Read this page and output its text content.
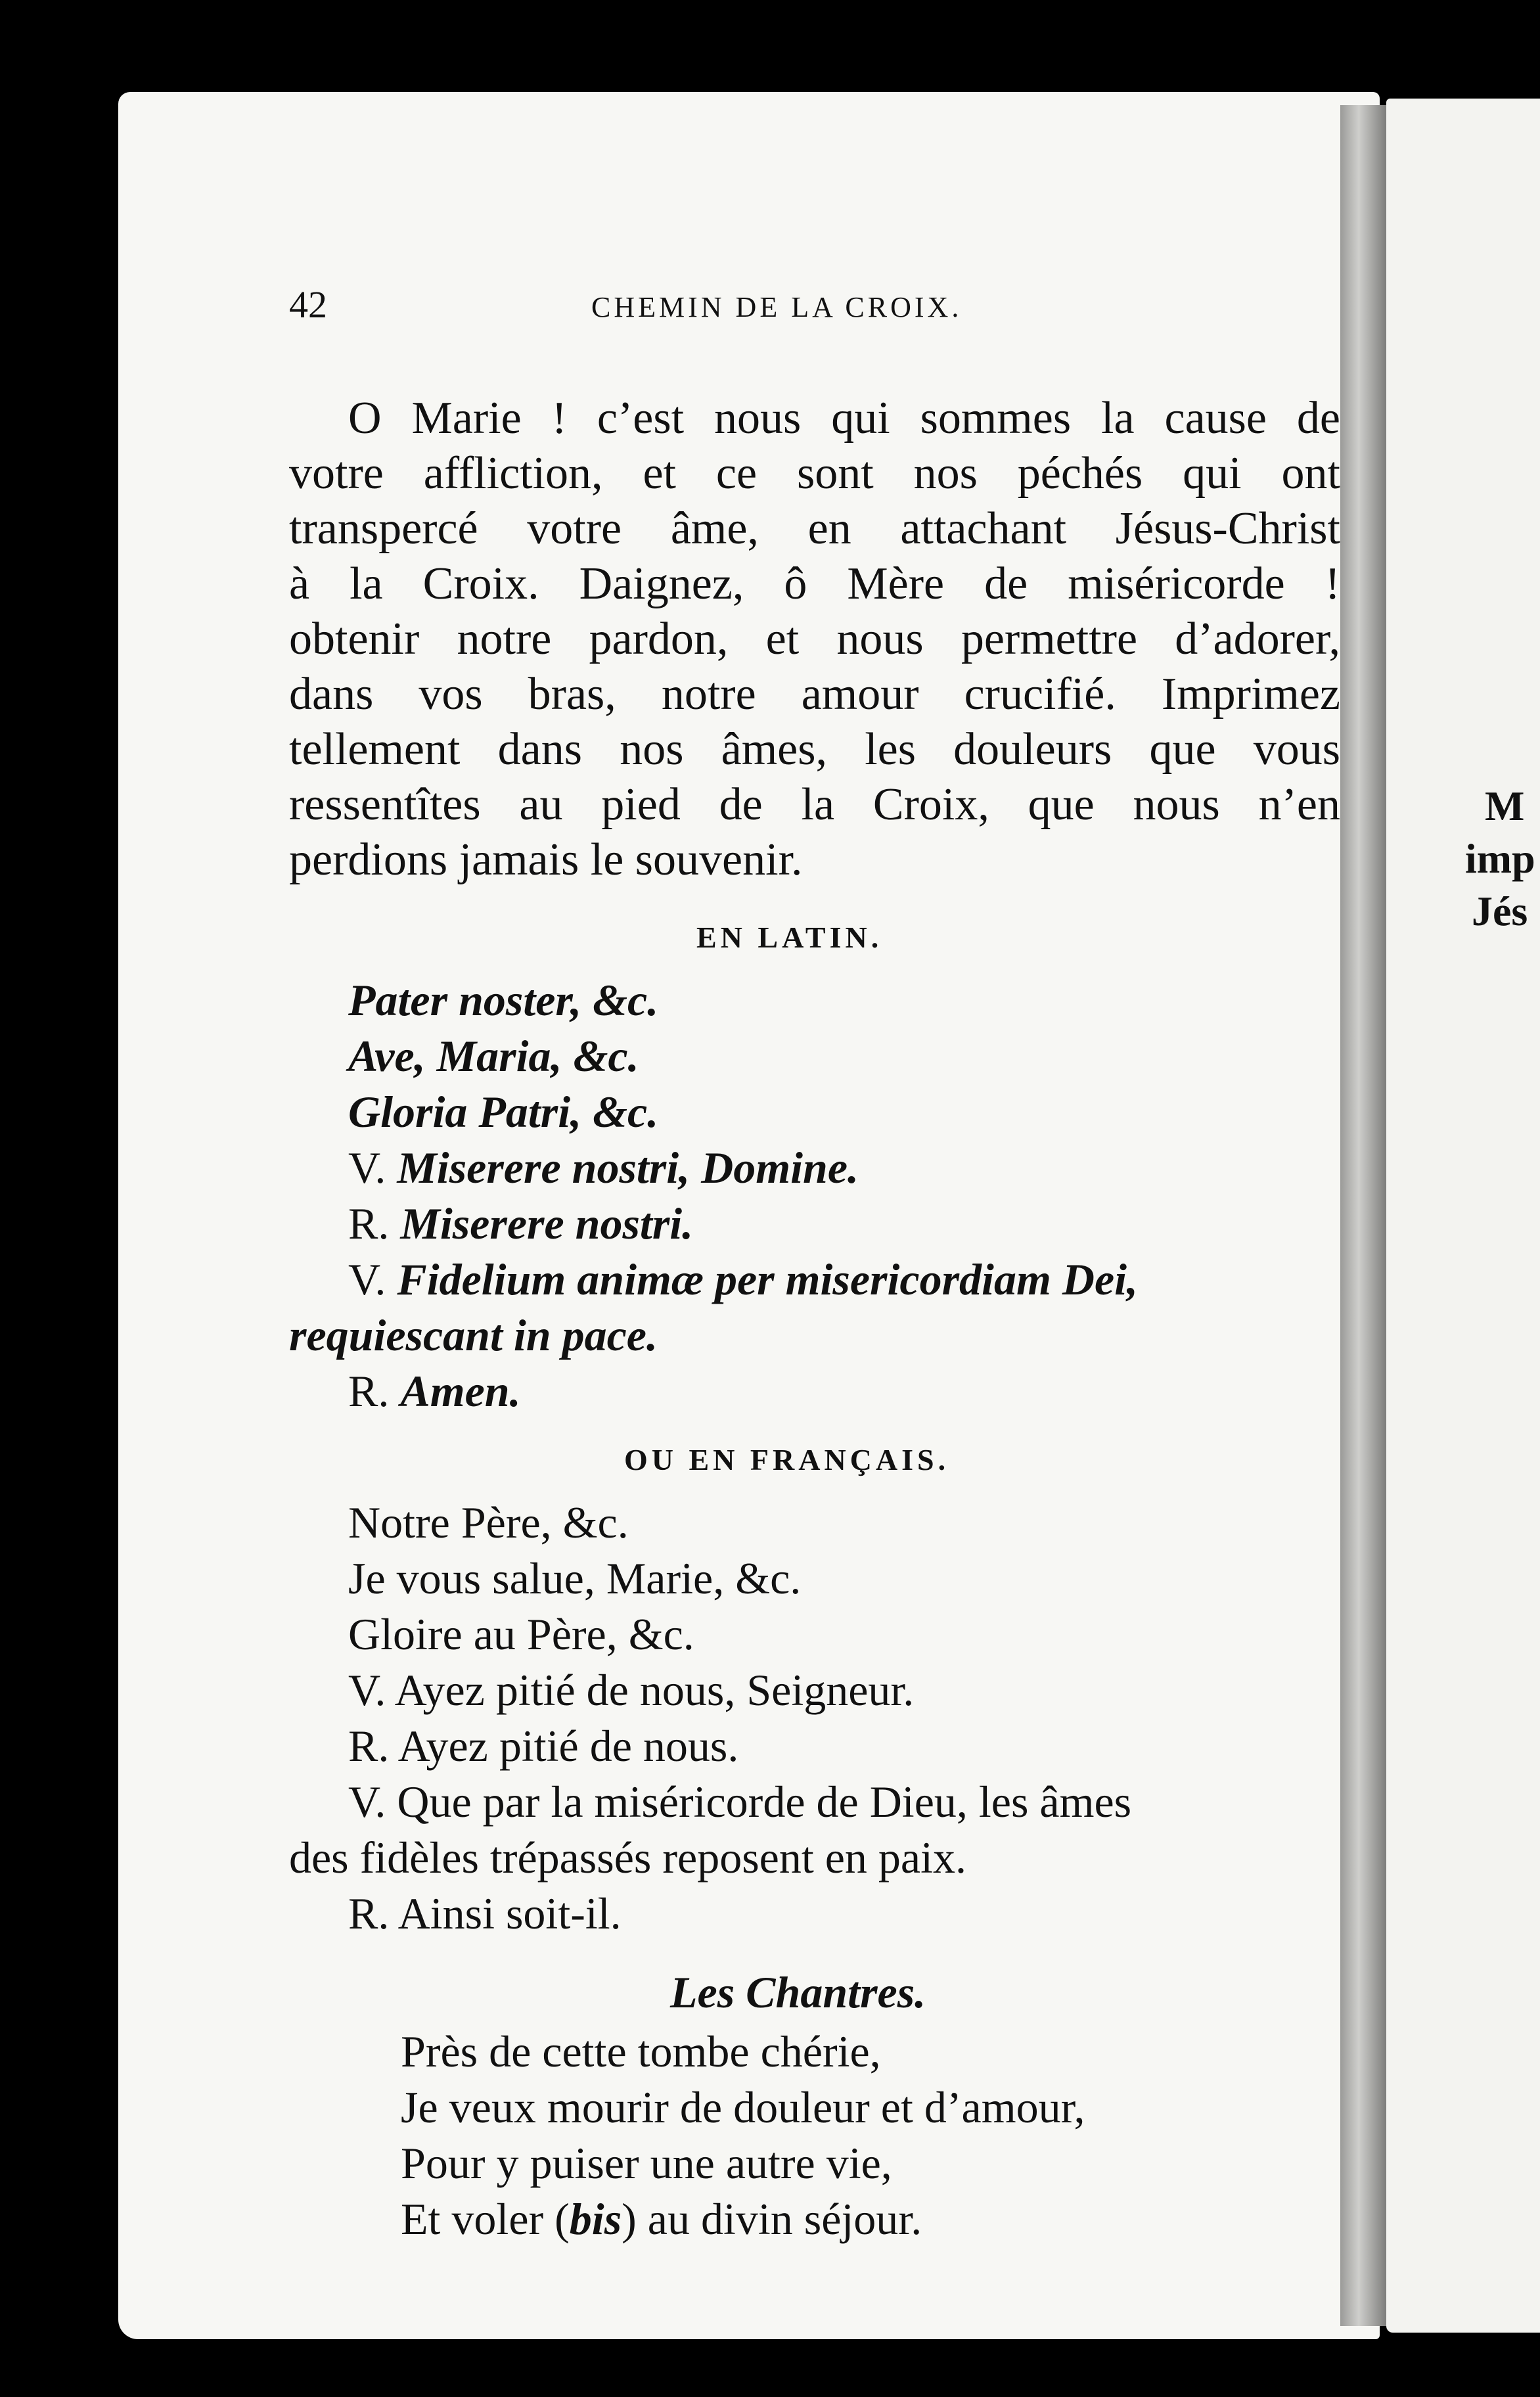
M
imp
Jés
42	CHEMIN DE LA CROIX.
O Marie ! c’est nous qui sommes la cause de
votre affliction, et ce sont nos péchés qui ont
transpercé votre âme, en attachant Jésus-Christ
à la Croix. Daignez, ô Mère de miséricorde !
obtenir notre pardon, et nous permettre d’adorer,
dans vos bras, notre amour crucifié. Imprimez
tellement dans nos âmes, les douleurs que vous
ressentîtes au pied de la Croix, que nous n’en
perdions jamais le souvenir.
EN LATIN.
Pater noster, &c.
Ave, Maria, &c.
Gloria Patri, &c.
V. Miserere nostri, Domine.
R. Miserere nostri.
V. Fidelium animæ per misericordiam Dei,
requiescant in pace.
R. Amen.
OU EN FRANÇAIS.
Notre Père, &c.
Je vous salue, Marie, &c.
Gloire au Père, &c.
V. Ayez pitié de nous, Seigneur.
R. Ayez pitié de nous.
V. Que par la miséricorde de Dieu, les âmes
des fidèles trépassés reposent en paix.
R. Ainsi soit-il.
Les Chantres.
Près de cette tombe chérie,
Je veux mourir de douleur et d’amour,
Pour y puiser une autre vie,
Et voler (bis) au divin séjour.
